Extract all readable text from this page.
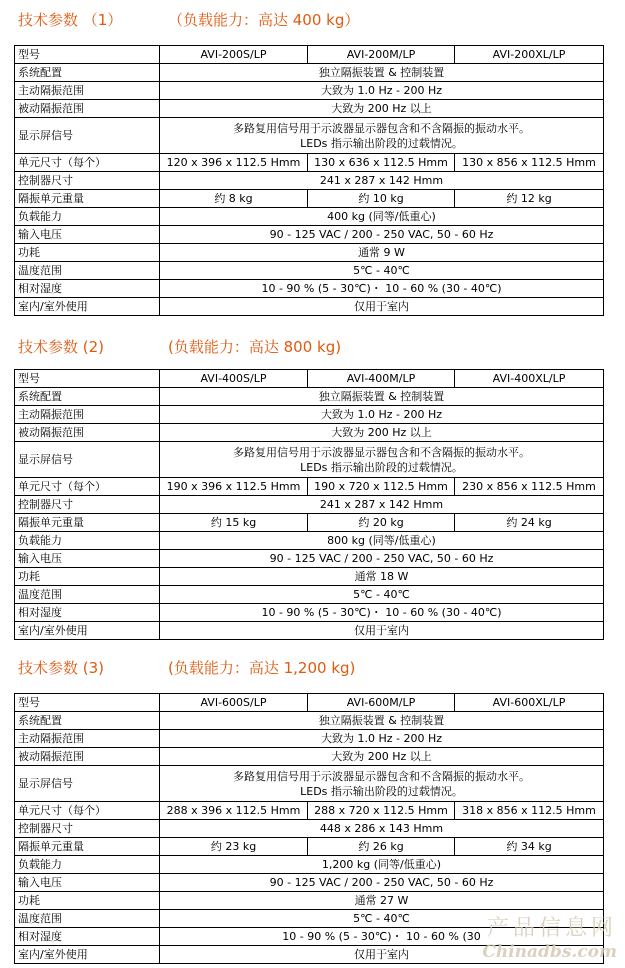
技术参数 （1）	（负载能力：高达 400 kg）
型号	AVI-200S/LP	AVI-200M/LP	AVI-200XL/LP
系统配置	独立隔振装置 & 控制装置		
主动隔振范围	大致为 1.0 Hz - 200 Hz		
被动隔振范围	大致为 200 Hz 以上		
显示屏信号	多路复用信号用于示波器显示器包含和不含隔振的振动水平。
LEDs 指示输出阶段的过载情况。		

单元尺寸（每个）	120 x 396 x 112.5 Hmm	130 x 636 x 112.5 Hmm	130 x 856 x 112.5 Hmm
控制器尺寸	241 x 287 x 142 Hmm		
隔振单元重量	约 8 kg	约 10 kg	约 12 kg
负载能力	400 kg (同等/低重心)		
输入电压	90 - 125 VAC / 200 - 250 VAC, 50 - 60 Hz		
功耗	通常 9 W		
温度范围	5℃ - 40℃		
相对湿度	10 - 90 % (5 - 30℃)・ 10 - 60 % (30 - 40℃)		
室内/室外使用	仅用于室内		
技术参数 (2)	(负载能力：高达 800 kg)
型号	AVI-400S/LP	AVI-400M/LP	AVI-400XL/LP
系统配置	独立隔振装置 & 控制装置		
主动隔振范围	大致为 1.0 Hz - 200 Hz		
被动隔振范围	大致为 200 Hz 以上		
显示屏信号	多路复用信号用于示波器显示器包含和不含隔振的振动水平。
LEDs 指示输出阶段的过载情况。		

单元尺寸（每个）	190 x 396 x 112.5 Hmm	190 x 720 x 112.5 Hmm	230 x 856 x 112.5 Hmm
控制器尺寸	241 x 287 x 142 Hmm		
隔振单元重量	约 15 kg	约 20 kg	约 24 kg
负载能力	800 kg (同等/低重心)		
输入电压	90 - 125 VAC / 200 - 250 VAC, 50 - 60 Hz		
功耗	通常 18 W		
温度范围	5℃ - 40℃		
相对湿度	10 - 90 % (5 - 30℃)・ 10 - 60 % (30 - 40℃)		
室内/室外使用	仅用于室内		
技术参数 (3)	(负载能力：高达 1,200 kg)
型号	AVI-600S/LP	AVI-600M/LP	AVI-600XL/LP
系统配置	独立隔振装置 & 控制装置		
主动隔振范围	大致为 1.0 Hz - 200 Hz		
被动隔振范围	大致为 200 Hz 以上		
显示屏信号	多路复用信号用于示波器显示器包含和不含隔振的振动水平。
LEDs 指示输出阶段的过载情况。		

单元尺寸（每个）	288 x 396 x 112.5 Hmm	288 x 720 x 112.5 Hmm	318 x 856 x 112.5 Hmm
控制器尺寸	448 x 286 x 143 Hmm		
隔振单元重量	约 23 kg	约 26 kg	约 34 kg
负载能力	1,200 kg (同等/低重心)		
输入电压	90 - 125 VAC / 200 - 250 VAC, 50 - 60 Hz		
功耗	通常 27 W		
温度范围	5℃ - 40℃		
相对湿度	10 - 90 % (5 - 30℃)・ 10 - 60 % (30		
室内/室外使用	仅用于室内		
产品信息网
Chinadbs.com
